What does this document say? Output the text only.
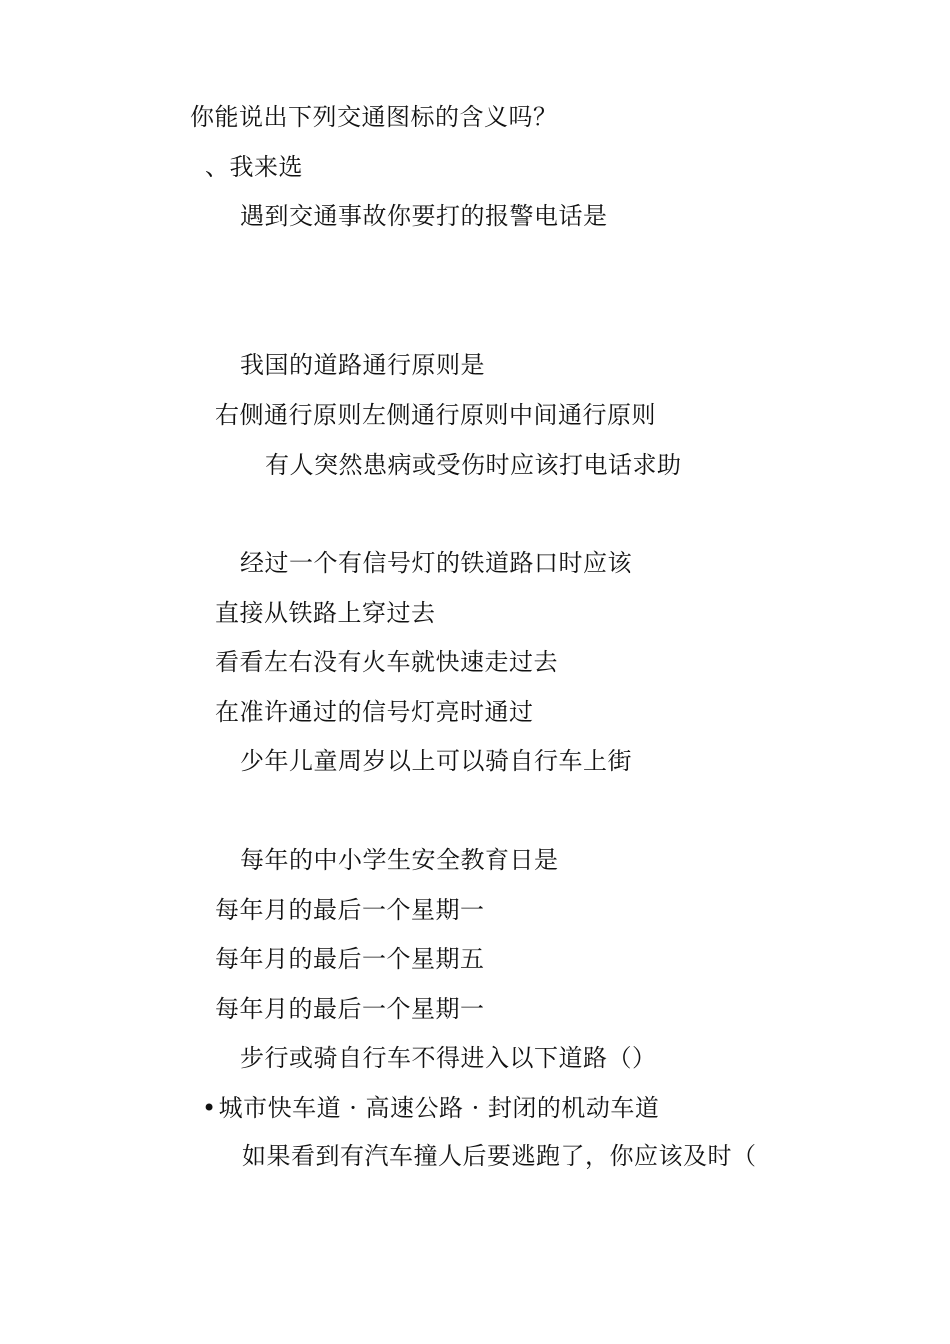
你能说出下列交通图标的含义吗？
、我来选
遇到交通事故你要打的报警电话是
我国的道路通行原则是
右侧通行原则左侧通行原则中间通行原则
有人突然患病或受伤时应该打电话求助
经过一个有信号灯的铁道路口时应该
直接从铁路上穿过去
看看左右没有火车就快速走过去
在准许通过的信号灯亮时通过
少年儿童周岁以上可以骑自行车上街
每年的中小学生安全教育日是
每年月的最后一个星期一
每年月的最后一个星期五
每年月的最后一个星期一
步行或骑自行车不得进入以下道路（）
•城市快车道 · 高速公路 · 封闭的机动车道
如果看到有汽车撞人后要逃跑了，你应该及时（
